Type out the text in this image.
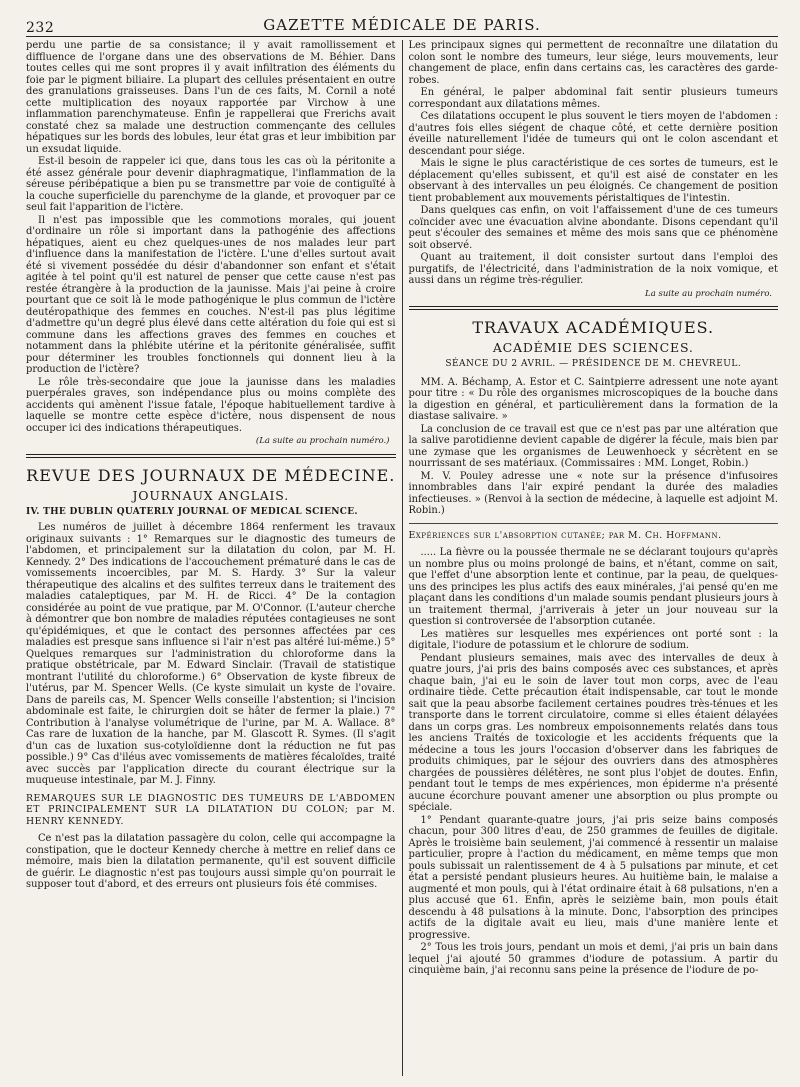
232	GAZETTE MÉDICALE DE PARIS.

perdu une partie de sa consistance; il y avait ramollissement et diffluence de l'organe dans une des observations de M. Béhier. Dans toutes celles qui me sont propres il y avait infiltration des éléments du foie par le pigment biliaire. La plupart des cellules présentaient en outre des granulations graisseuses. Dans l'un de ces faits, M. Cornil a noté cette multiplication des noyaux rapportée par Virchow à une inflammation parenchymateuse. Enfin je rappellerai que Frerichs avait constaté chez sa malade une destruction commençante des cellules hépatiques sur les bords des lobules, leur état gras et leur imbibition par un exsudat liquide.

Est-il besoin de rappeler ici que, dans tous les cas où la péritonite a été assez générale pour devenir diaphragmatique, l'inflammation de la séreuse péribépatique a bien pu se transmettre par voie de contiguïté à la couche superficielle du parenchyme de la glande, et provoquer par ce seul fait l'apparition de l'ictère.

Il n'est pas impossible que les commotions morales, qui jouent d'ordinaire un rôle si important dans la pathogénie des affections hépatiques, aient eu chez quelques-unes de nos malades leur part d'influence dans la manifestation de l'ictère. L'une d'elles surtout avait été si vivement possédée du désir d'abandonner son enfant et s'était agitée à tel point qu'il est naturel de penser que cette cause n'est pas restée étrangère à la production de la jaunisse. Mais j'ai peine à croire pourtant que ce soit là le mode pathogénique le plus commun de l'ictère deutéropathique des femmes en couches. N'est-il pas plus légitime d'admettre qu'un degré plus élevé dans cette altération du foie qui est si commune dans les affections graves des femmes en couches et notamment dans la phlébite utérine et la péritonite généralisée, suffit pour déterminer les troubles fonctionnels qui donnent lieu à la production de l'ictère?

Le rôle très-secondaire que joue la jaunisse dans les maladies puerpérales graves, son indépendance plus ou moins complète des accidents qui amènent l'issue fatale, l'époque habituellement tardive à laquelle se montre cette espèce d'ictère, nous dispensent de nous occuper ici des indications thérapeutiques.

(La suite au prochain numéro.)

REVUE DES JOURNAUX DE MÉDECINE.

JOURNAUX ANGLAIS.

IV. THE DUBLIN QUATERLY JOURNAL OF MEDICAL SCIENCE.

Les numéros de juillet à décembre 1864 renferment les travaux originaux suivants : 1° Remarques sur le diagnostic des tumeurs de l'abdomen, et principalement sur la dilatation du colon, par M. H. Kennedy. 2° Des indications de l'accouchement prématuré dans le cas de vomissements incoercibles, par M. S. Hardy. 3° Sur la valeur thérapeutique des alcalins et des sulfites terreux dans le traitement des maladies cataleptiques, par M. H. de Ricci. 4° De la contagion considérée au point de vue pratique, par M. O'Connor. (L'auteur cherche à démontrer que bon nombre de maladies réputées contagieuses ne sont qu'épidémiques, et que le contact des personnes affectées par ces maladies est presque sans influence si l'air n'est pas altéré lui-même.) 5° Quelques remarques sur l'administration du chloroforme dans la pratique obstétricale, par M. Edward Sinclair. (Travail de statistique montrant l'utilité du chloroforme.) 6° Observation de kyste fibreux de l'utérus, par M. Spencer Wells. (Ce kyste simulait un kyste de l'ovaire. Dans de pareils cas, M. Spencer Wells conseille l'abstention; si l'incision abdominale est faite, le chirurgien doit se hâter de fermer la plaie.) 7° Contribution à l'analyse volumétrique de l'urine, par M. A. Wallace. 8° Cas rare de luxation de la hanche, par M. Glascott R. Symes. (Il s'agit d'un cas de luxation sus-cotyloïdienne dont la réduction ne fut pas possible.) 9° Cas d'iléus avec vomissements de matières fécaloïdes, traité avec succès par l'application directe du courant électrique sur la muqueuse intestinale, par M. J. Finny.

REMARQUES SUR LE DIAGNOSTIC DES TUMEURS DE L'ABDOMEN ET PRINCIPALEMENT SUR LA DILATATION DU COLON; par M. HENRY KENNEDY.

Ce n'est pas la dilatation passagère du colon, celle qui accompagne la constipation, que le docteur Kennedy cherche à mettre en relief dans ce mémoire, mais bien la dilatation permanente, qu'il est souvent difficile de guérir. Le diagnostic n'est pas toujours aussi simple qu'on pourrait le supposer tout d'abord, et des erreurs ont plusieurs fois été commises.

Les principaux signes qui permettent de reconnaître une dilatation du colon sont le nombre des tumeurs, leur siége, leurs mouvements, leur changement de place, enfin dans certains cas, les caractères des garde-robes.

En général, le palper abdominal fait sentir plusieurs tumeurs correspondant aux dilatations mêmes.

Ces dilatations occupent le plus souvent le tiers moyen de l'abdomen : d'autres fois elles siégent de chaque côté, et cette dernière position éveille naturellement l'idée de tumeurs qui ont le colon ascendant et descendant pour siége.

Mais le signe le plus caractéristique de ces sortes de tumeurs, est le déplacement qu'elles subissent, et qu'il est aisé de constater en les observant à des intervalles un peu éloignés. Ce changement de position tient probablement aux mouvements péristaltiques de l'intestin.

Dans quelques cas enfin, on voit l'affaissement d'une de ces tumeurs coïncider avec une évacuation alvine abondante. Disons cependant qu'il peut s'écouler des semaines et même des mois sans que ce phénomène soit observé.

Quant au traitement, il doit consister surtout dans l'emploi des purgatifs, de l'électricité, dans l'administration de la noix vomique, et aussi dans un régime très-régulier.

La suite au prochain numéro.

TRAVAUX ACADÉMIQUES.

ACADÉMIE DES SCIENCES.

SÉANCE DU 2 AVRIL. — PRÉSIDENCE DE M. CHEVREUL.

MM. A. Béchamp, A. Estor et C. Saintpierre adressent une note ayant pour titre : « Du rôle des organismes microscopiques de la bouche dans la digestion en général, et particulièrement dans la formation de la diastase salivaire. »

La conclusion de ce travail est que ce n'est pas par une altération que la salive parotidienne devient capable de digérer la fécule, mais bien par une zymase que les organismes de Leuwenhoeck y sécrètent en se nourrissant de ses matériaux. (Commissaires : MM. Longet, Robin.)

M. V. Pouley adresse une « note sur la présence d'infusoires innombrables dans l'air expiré pendant la durée des maladies infectieuses. » (Renvoi à la section de médecine, à laquelle est adjoint M. Robin.)

Expériences sur l'absorption cutanée; par M. Ch. Hoffmann.

..... La fièvre ou la poussée thermale ne se déclarant toujours qu'après un nombre plus ou moins prolongé de bains, et n'étant, comme on sait, que l'effet d'une absorption lente et continue, par la peau, de quelques-uns des principes les plus actifs des eaux minérales, j'ai pensé qu'en me plaçant dans les conditions d'un malade soumis pendant plusieurs jours à un traitement thermal, j'arriverais à jeter un jour nouveau sur la question si controversée de l'absorption cutanée.

Les matières sur lesquelles mes expériences ont porté sont : la digitale, l'iodure de potassium et le chlorure de sodium.

Pendant plusieurs semaines, mais avec des intervalles de deux à quatre jours, j'ai pris des bains composés avec ces substances, et après chaque bain, j'ai eu le soin de laver tout mon corps, avec de l'eau ordinaire tiède. Cette précaution était indispensable, car tout le monde sait que la peau absorbe facilement certaines poudres très-ténues et les transporte dans le torrent circulatoire, comme si elles étaient délayées dans un corps gras. Les nombreux empoisonnements relatés dans tous les anciens Traités de toxicologie et les accidents fréquents que la médecine a tous les jours l'occasion d'observer dans les fabriques de produits chimiques, par le séjour des ouvriers dans des atmosphères chargées de poussières délétères, ne sont plus l'objet de doutes. Enfin, pendant tout le temps de mes expériences, mon épiderme n'a présenté aucune écorchure pouvant amener une absorption ou plus prompte ou spéciale.

1° Pendant quarante-quatre jours, j'ai pris seize bains composés chacun, pour 300 litres d'eau, de 250 grammes de feuilles de digitale. Après le troisième bain seulement, j'ai commencé à ressentir un malaise particulier, propre à l'action du médicament, en même temps que mon pouls subissait un ralentissement de 4 à 5 pulsations par minute, et cet état a persisté pendant plusieurs heures. Au huitième bain, le malaise a augmenté et mon pouls, qui à l'état ordinaire était à 68 pulsations, n'en a plus accusé que 61. Enfin, après le seizième bain, mon pouls était descendu à 48 pulsations à la minute. Donc, l'absorption des principes actifs de la digitale avait eu lieu, mais d'une manière lente et progressive.

2° Tous les trois jours, pendant un mois et demi, j'ai pris un bain dans lequel j'ai ajouté 50 grammes d'iodure de potassium. A partir du cinquième bain, j'ai reconnu sans peine la présence de l'iodure de po-
